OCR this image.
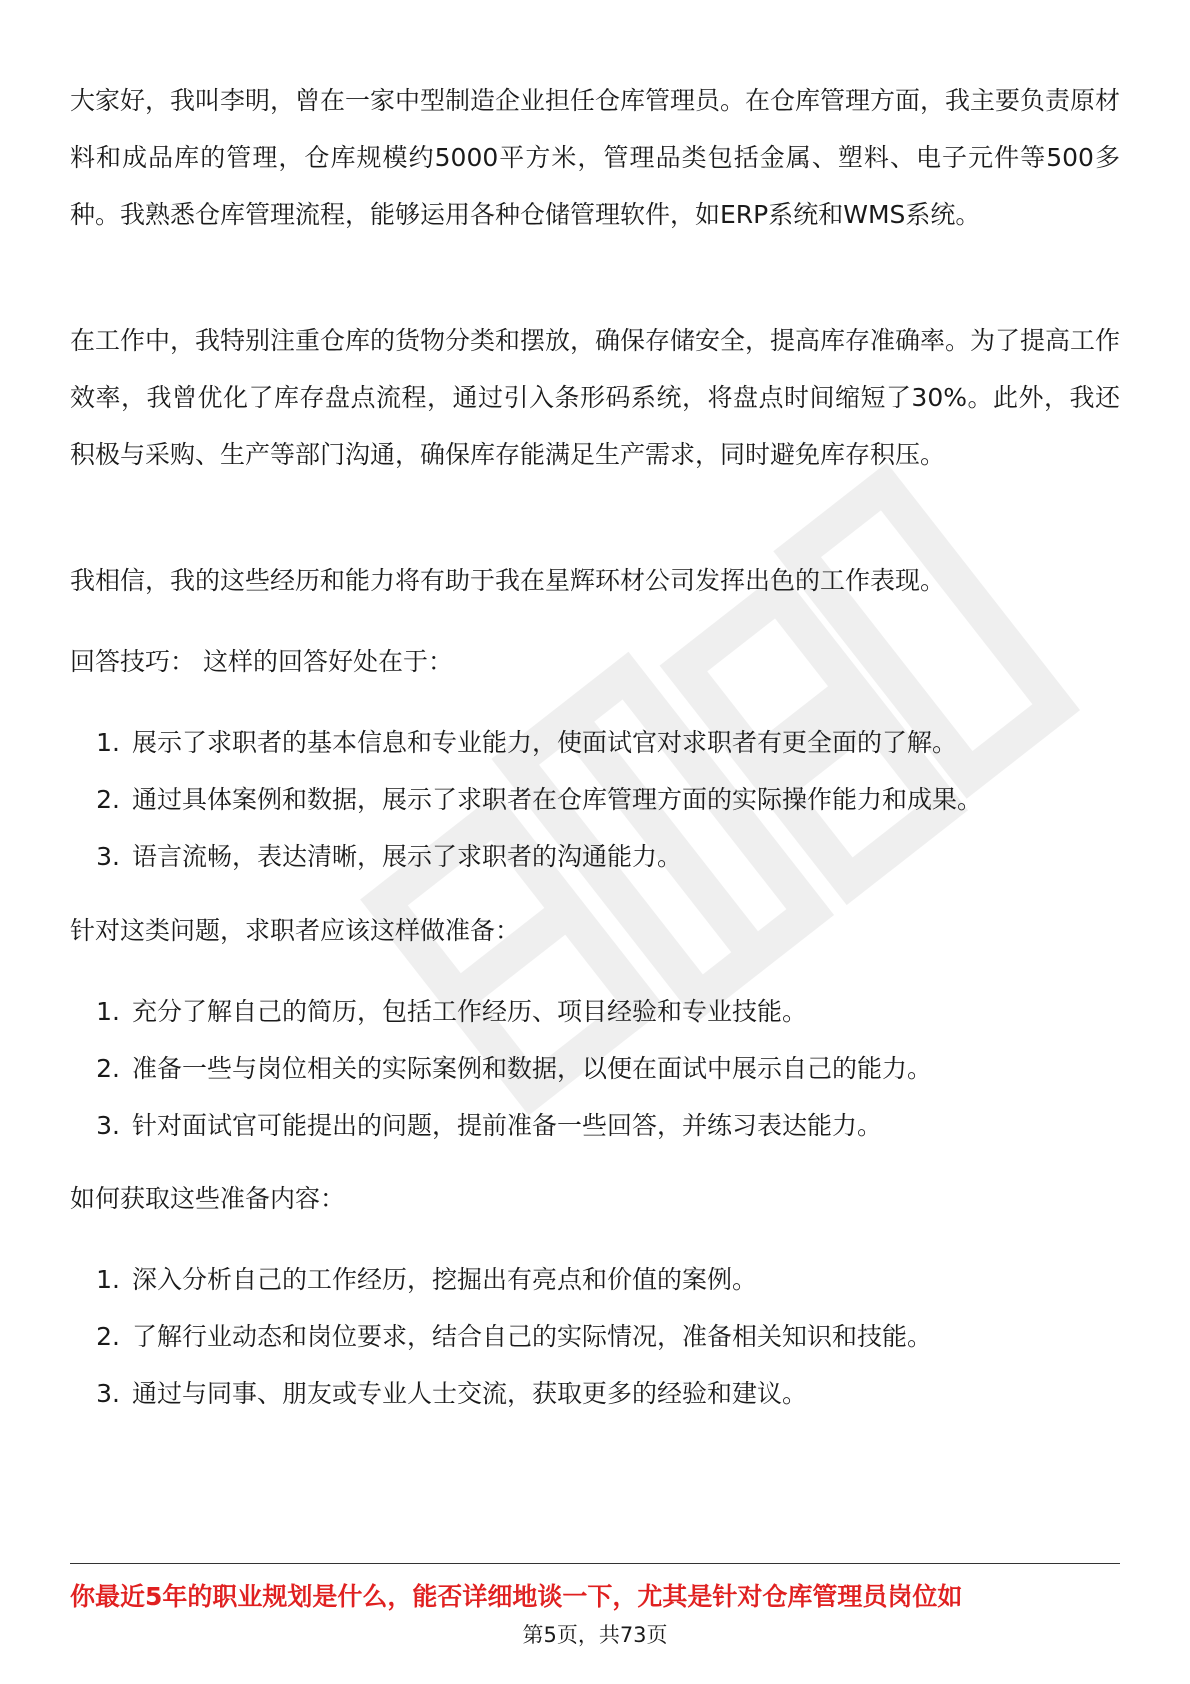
大家好，我叫李明，曾在一家中型制造企业担任仓库管理员。在仓库管理方面，我主要负责原材料和成品库的管理，仓库规模约5000平方米，管理品类包括金属、塑料、电子元件等500多种。我熟悉仓库管理流程，能够运用各种仓储管理软件，如ERP系统和WMS系统。

在工作中，我特别注重仓库的货物分类和摆放，确保存储安全，提高库存准确率。为了提高工作效率，我曾优化了库存盘点流程，通过引入条形码系统，将盘点时间缩短了30%。此外，我还积极与采购、生产等部门沟通，确保库存能满足生产需求，同时避免库存积压。

我相信，我的这些经历和能力将有助于我在星辉环材公司发挥出色的工作表现。

回答技巧： 这样的回答好处在于：

1. 展示了求职者的基本信息和专业能力，使面试官对求职者有更全面的了解。
2. 通过具体案例和数据，展示了求职者在仓库管理方面的实际操作能力和成果。
3. 语言流畅，表达清晰，展示了求职者的沟通能力。

针对这类问题，求职者应该这样做准备：

1. 充分了解自己的简历，包括工作经历、项目经验和专业技能。
2. 准备一些与岗位相关的实际案例和数据，以便在面试中展示自己的能力。
3. 针对面试官可能提出的问题，提前准备一些回答，并练习表达能力。

如何获取这些准备内容：

1. 深入分析自己的工作经历，挖掘出有亮点和价值的案例。
2. 了解行业动态和岗位要求，结合自己的实际情况，准备相关知识和技能。
3. 通过与同事、朋友或专业人士交流，获取更多的经验和建议。
你最近5年的职业规划是什么，能否详细地谈一下，尤其是针对仓库管理员岗位如
第5页，共73页
